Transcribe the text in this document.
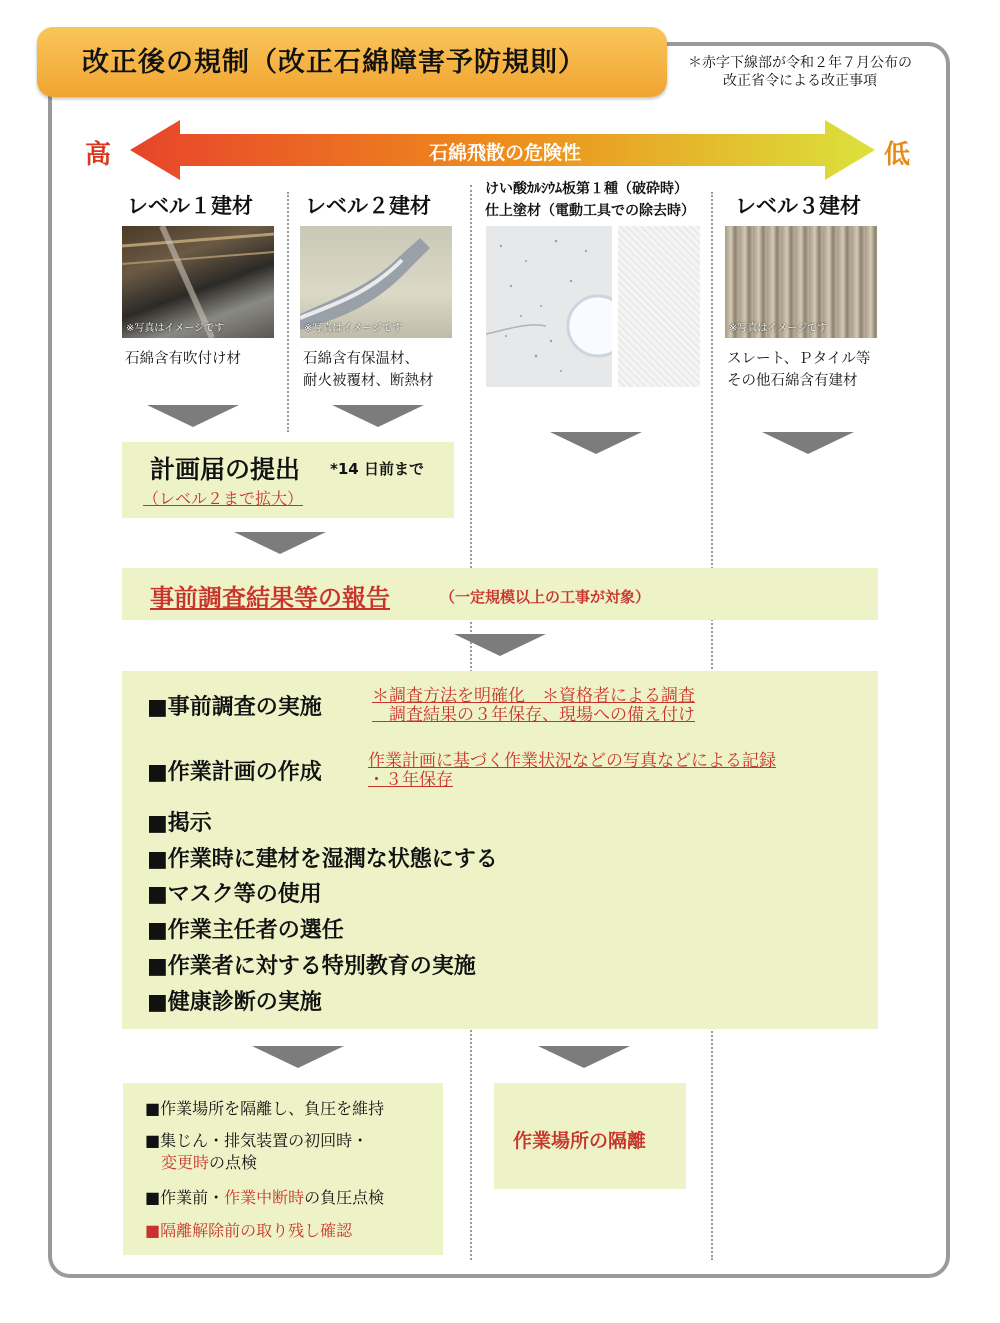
改正後の規制（改正石綿障害予防規則）	＊赤字下線部が令和２年７月公布の
改正省令による改正事項
高	低
石綿飛散の危険性
レベル１建材 レベル２建材
けい酸ｶﾙｼｳﾑ板第１種（破砕時）
仕上塗材（電動工具での除去時） レベル３建材
※写真はイメージです	※写真はイメージです	※写真はイメージです
石綿含有吹付け材	石綿含有保温材、
耐火被覆材、断熱材
スレート、Ｐタイル等
その他石綿含有建材
計画届の提出 *14 日前まで
（レベル２まで拡大）
事前調査結果等の報告	（一定規模以上の工事が対象）
■事前調査の実施	＊調査方法を明確化　＊資格者による調査
　調査結果の３年保存、現場への備え付け
■作業計画の作成	作業計画に基づく作業状況などの写真などによる記録
・３年保存
■掲示
■作業時に建材を湿潤な状態にする
■マスク等の使用
■作業主任者の選任
■作業者に対する特別教育の実施
■健康診断の実施
■作業場所を隔離し、負圧を維持
■集じん・排気装置の初回時・
変更時の点検
■作業前・作業中断時の負圧点検
■隔離解除前の取り残し確認
作業場所の隔離
